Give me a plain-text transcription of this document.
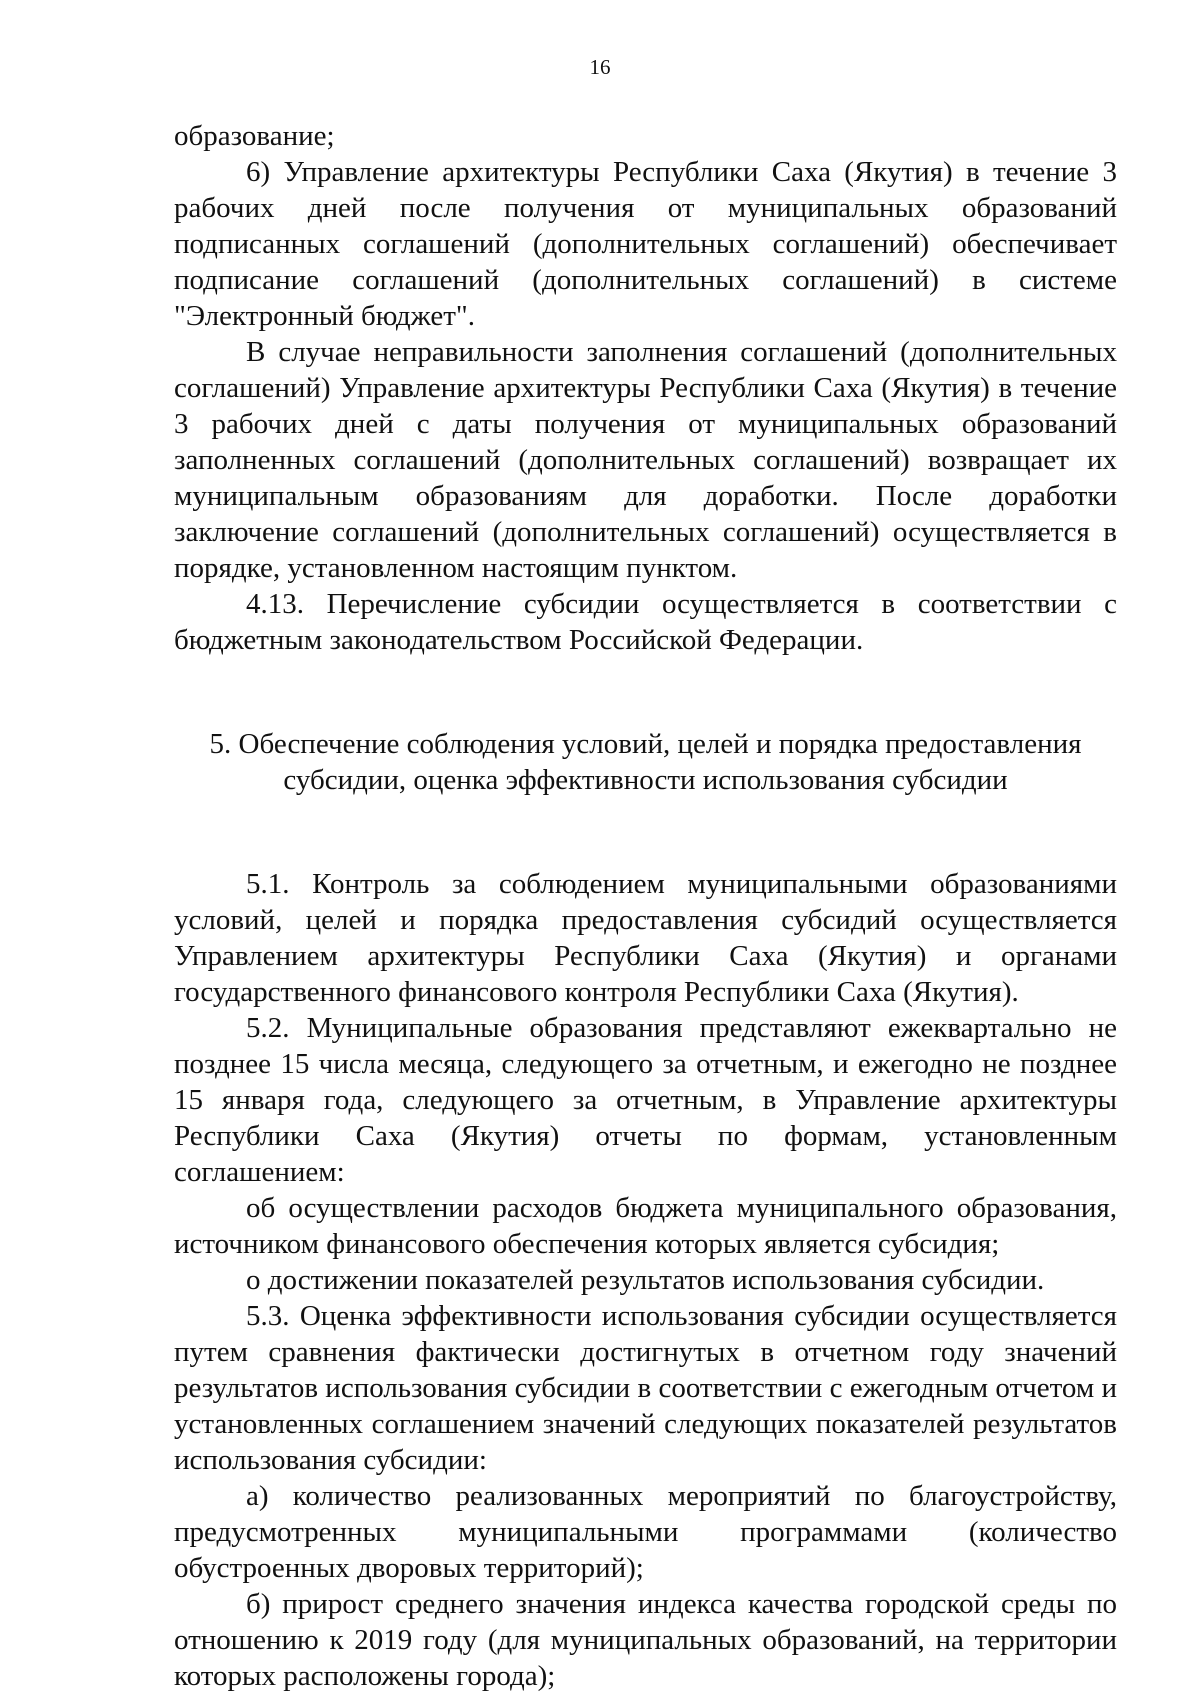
16

образование;

6) Управление архитектуры Республики Саха (Якутия) в течение 3 рабочих дней после получения от муниципальных образований подписанных соглашений (дополнительных соглашений) обеспечивает подписание соглашений (дополнительных соглашений) в системе "Электронный бюджет".

В случае неправильности заполнения соглашений (дополнительных соглашений) Управление архитектуры Республики Саха (Якутия) в течение 3 рабочих дней с даты получения от муниципальных образований заполненных соглашений (дополнительных соглашений) возвращает их муниципальным образованиям для доработки. После доработки заключение соглашений (дополнительных соглашений) осуществляется в порядке, установленном настоящим пунктом.

4.13. Перечисление субсидии осуществляется в соответствии с бюджетным законодательством Российской Федерации.

5. Обеспечение соблюдения условий, целей и порядка предоставления
субсидии, оценка эффективности использования субсидии

5.1. Контроль за соблюдением муниципальными образованиями условий, целей и порядка предоставления субсидий осуществляется Управлением архитектуры Республики Саха (Якутия) и органами государственного финансового контроля Республики Саха (Якутия).

5.2. Муниципальные образования представляют ежеквартально не позднее 15 числа месяца, следующего за отчетным, и ежегодно не позднее 15 января года, следующего за отчетным, в Управление архитектуры Республики Саха (Якутия) отчеты по формам, установленным соглашением:

об осуществлении расходов бюджета муниципального образования, источником финансового обеспечения которых является субсидия;

о достижении показателей результатов использования субсидии.

5.3. Оценка эффективности использования субсидии осуществляется путем сравнения фактически достигнутых в отчетном году значений результатов использования субсидии в соответствии с ежегодным отчетом и установленных соглашением значений следующих показателей результатов использования субсидии:

а) количество реализованных мероприятий по благоустройству, предусмотренных муниципальными программами (количество обустроенных дворовых территорий);

б) прирост среднего значения индекса качества городской среды по отношению к 2019 году (для муниципальных образований, на территории которых расположены города);
